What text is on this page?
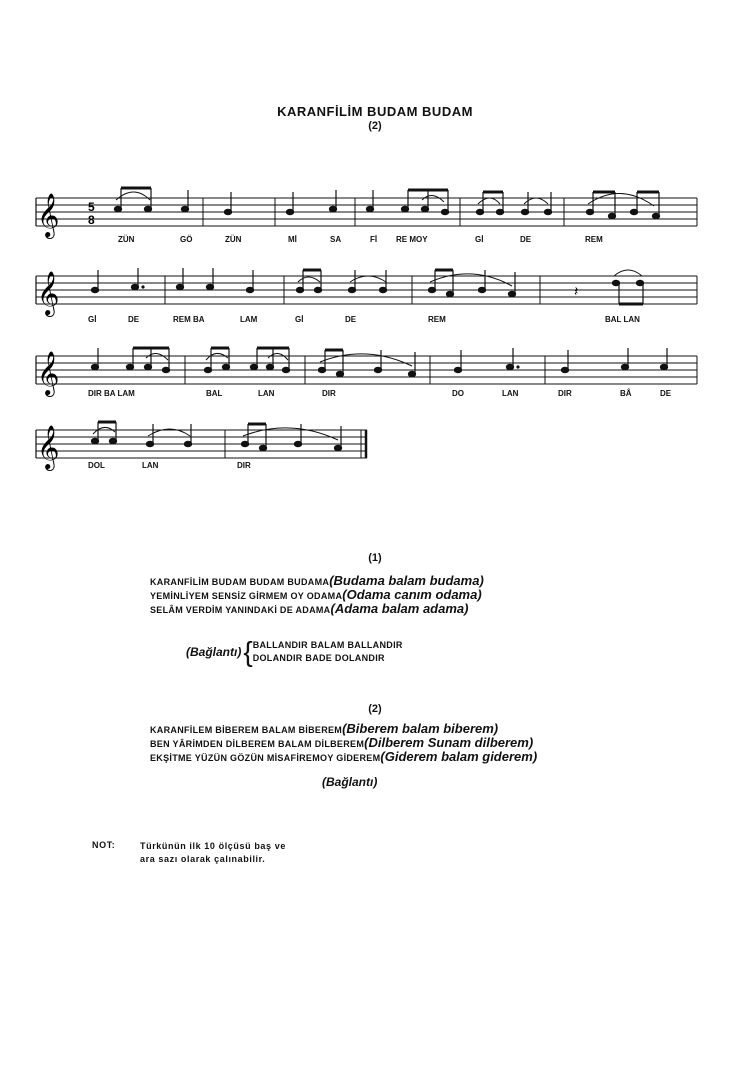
KARANFİLİM BUDAM BUDAM
(2)
𝄞 5
8
ZÜN	GÖ	ZÜN	Mİ	SA	Fİ RE MOY	Gİ	DE	REM
𝄞	𝄽
Gİ	DE	REM BA	LAM	Gİ	DE	REM	BAL LAN
𝄞	DIR BA LAM	BAL	LAN	DIR	DO	LAN	DIR	BÂ	DE
𝄞	DOL	LAN	DIR
(1)
KARANFİLİM BUDAM BUDAM BUDAMA (Budama balam budama)
YEMİNLİYEM SENSİZ GİRMEM OY ODAMA (Odama canım odama)
SELÂM VERDİM YANINDAKİ DE ADAMA (Adama balam adama)
(Bağlantı){ BALLANDIR BALAM BALLANDIR
DOLANDIR BADE DOLANDIR
(2)
KARANFİLEM BİBEREM BALAM BİBEREM (Biberem balam biberem)
BEN YÂRİMDEN DİLBEREM BALAM DİLBEREM (Dilberem Sunam dilberem)
EKŞİTME YÜZÜN GÖZÜN MİSAFİREMOY GİDEREM (Giderem balam giderem)
(Bağlantı)
NOT:	Türkünün ilk 10 ölçüsü baş ve
ara sazı olarak çalınabilir.
